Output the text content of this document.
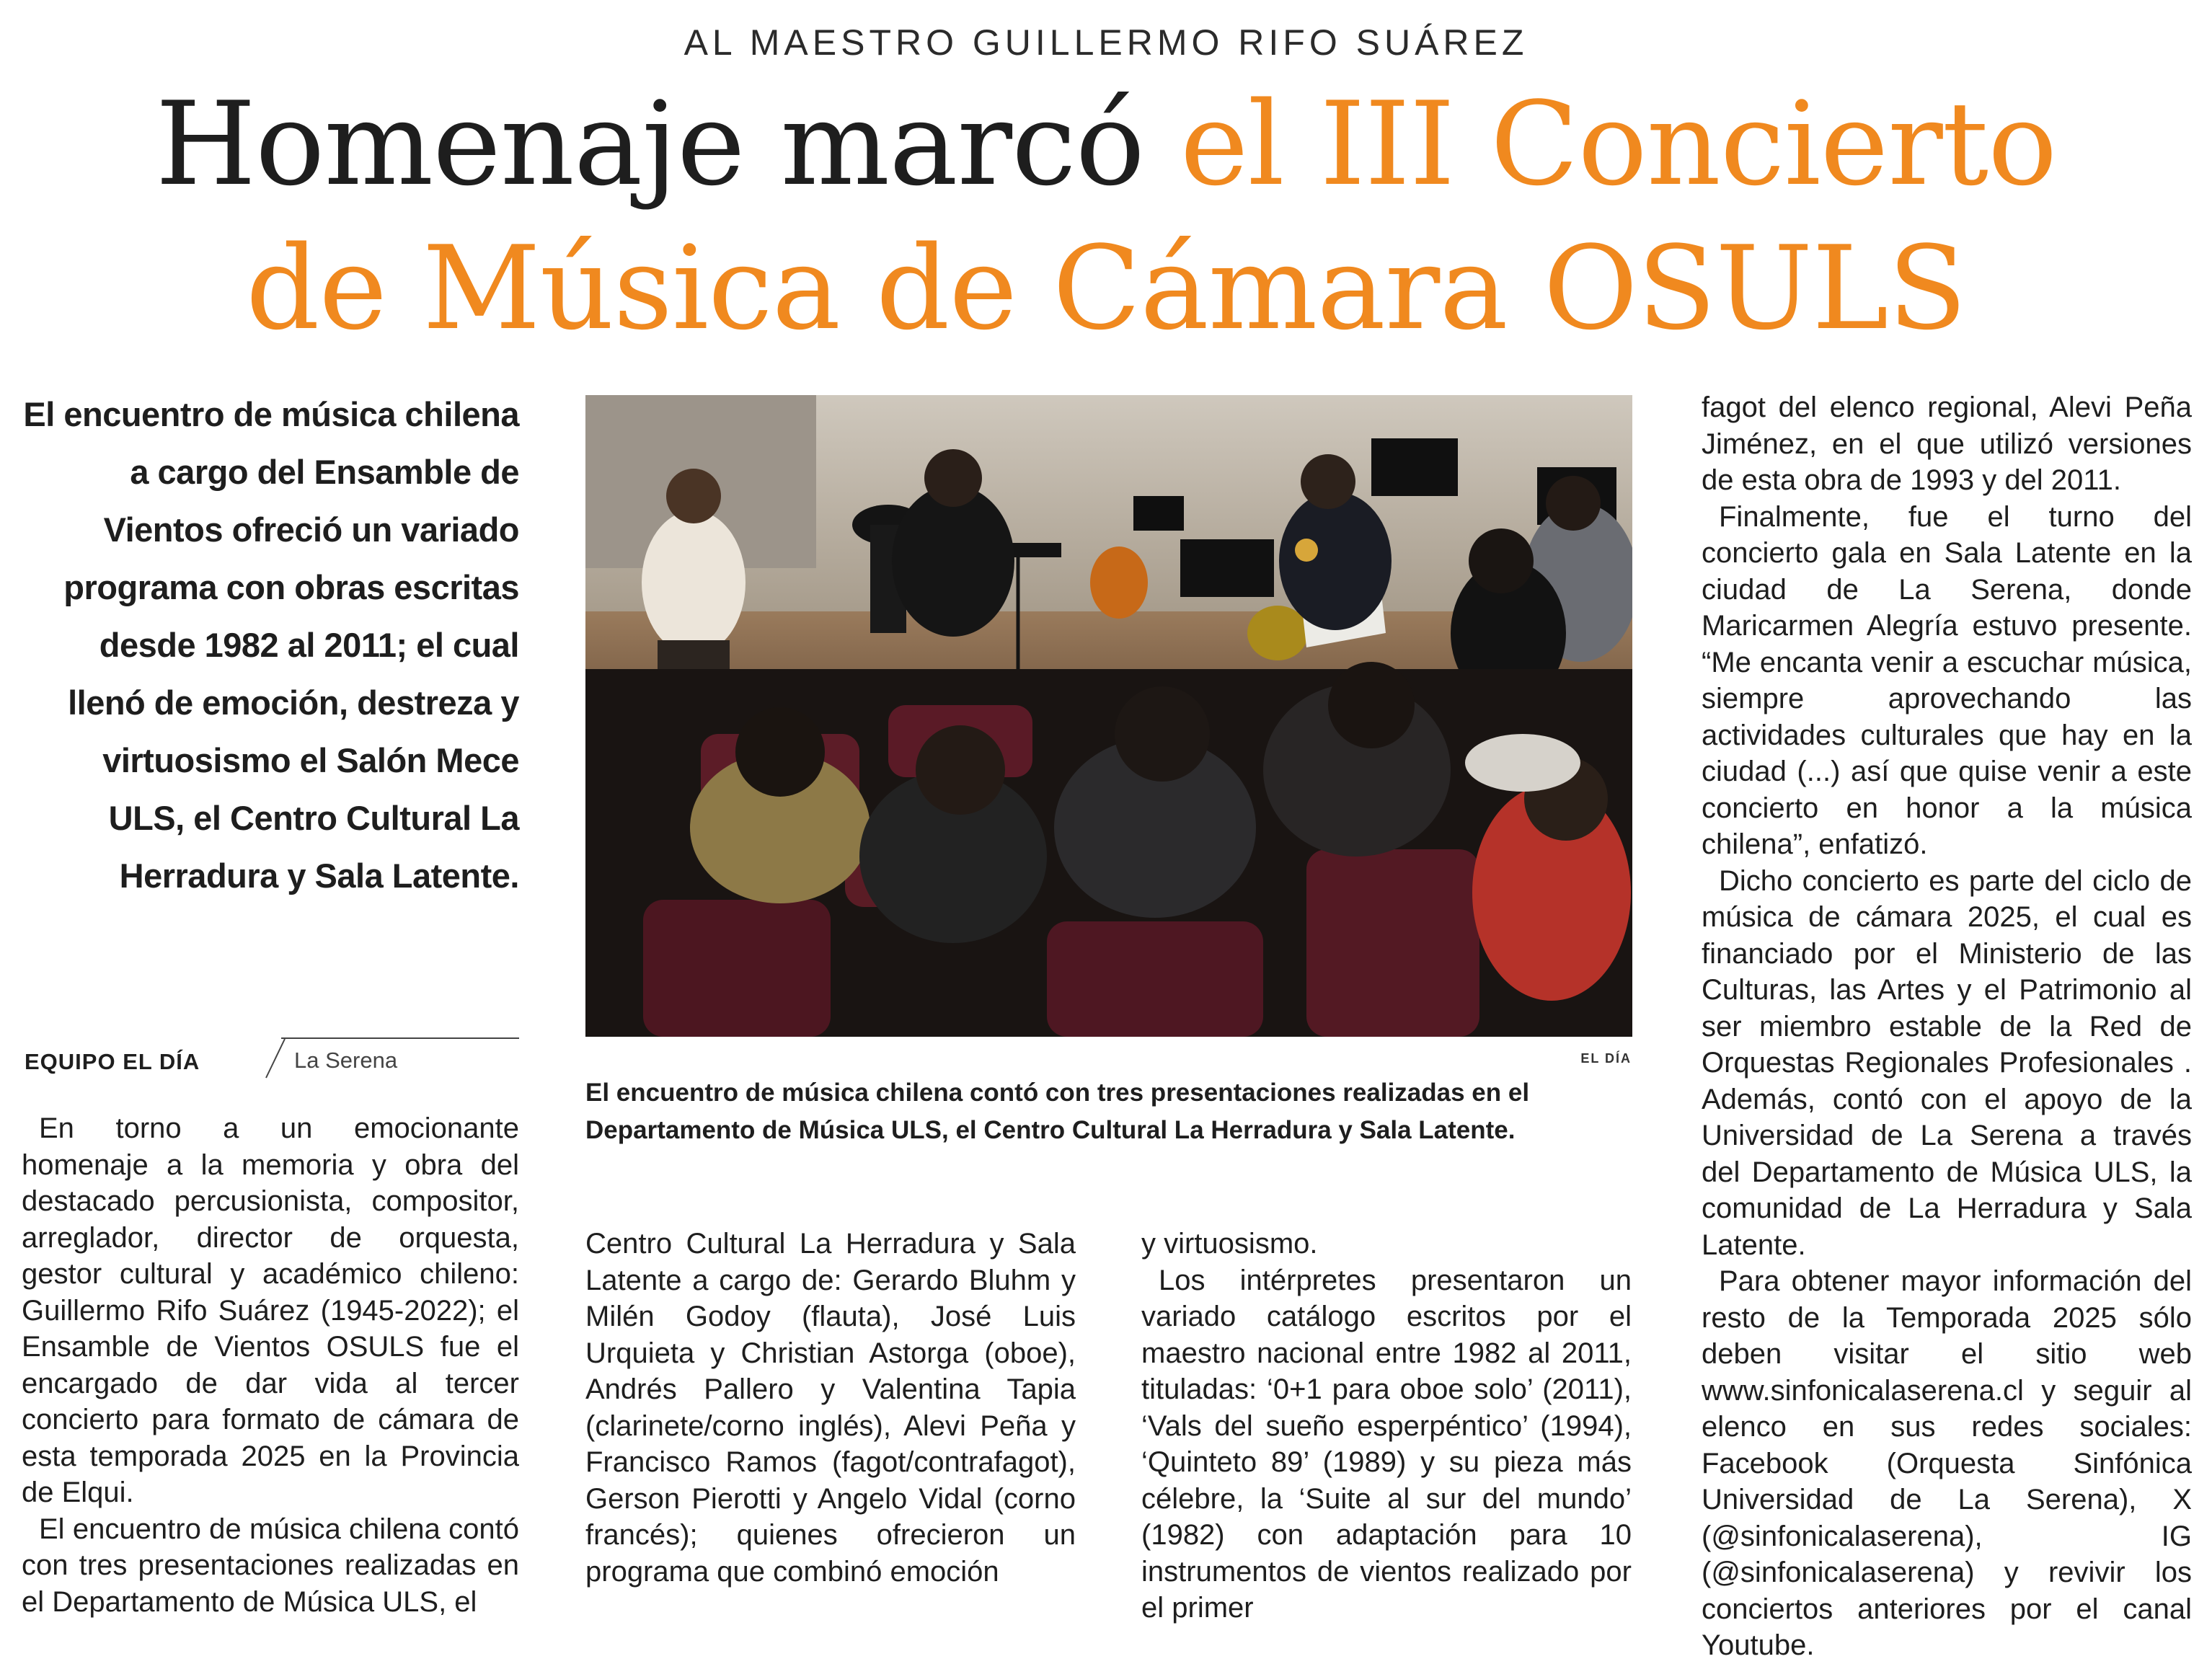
AL MAESTRO GUILLERMO RIFO SUÁREZ
Homenaje marcó el III Concierto
de Música de Cámara OSULS
El encuentro de música chilena a cargo del Ensamble de Vientos ofreció un variado programa con obras escritas desde 1982 al 2011; el cual llenó de emoción, destreza y virtuosismo el Salón Mece ULS, el Centro Cultural La Herradura y Sala Latente.
EQUIPO EL DÍA	La Serena

En torno a un emocionante homenaje a la memoria y obra del destacado percusionista, compositor, arreglador, director de orquesta, gestor cultural y académico chileno: Guillermo Rifo Suárez (1945-2022); el Ensamble de Vientos OSULS fue el encargado de dar vida al tercer concierto para formato de cámara de esta temporada 2025 en la Provincia de Elqui.

El encuentro de música chilena contó con tres presentaciones realizadas en el Departamento de Música ULS, el

EL DÍA
El encuentro de música chilena contó con tres presentaciones realizadas en el Departamento de Música ULS, el Centro Cultural La Herradura y Sala Latente.

Centro Cultural La Herradura y Sala Latente a cargo de: Gerardo Bluhm y Milén Godoy (flauta), José Luis Urquieta y Christian Astorga (oboe), Andrés Pallero y Valentina Tapia (clarinete/corno inglés), Alevi Peña y Francisco Ramos (fagot/contrafagot), Gerson Pierotti y Angelo Vidal (corno francés); quienes ofrecieron un programa que combinó emoción

y virtuosismo.

Los intérpretes presentaron un variado catálogo escritos por el maestro nacional entre 1982 al 2011, tituladas: ‘0+1 para oboe solo’ (2011), ‘Vals del sueño esperpéntico’ (1994), ‘Quinteto 89’ (1989) y su pieza más célebre, la ‘Suite al sur del mundo’ (1982) con adaptación para 10 instrumentos de vientos realizado por el primer

fagot del elenco regional, Alevi Peña Jiménez, en el que utilizó versiones de esta obra de 1993 y del 2011.

Finalmente, fue el turno del concierto gala en Sala Latente en la ciudad de La Serena, donde Maricarmen Alegría estuvo presente. “Me encanta venir a escuchar música, siempre aprovechando las actividades culturales que hay en la ciudad (...) así que quise venir a este concierto en honor a la música chilena”, enfatizó.

Dicho concierto es parte del ciclo de música de cámara 2025, el cual es financiado por el Ministerio de las Culturas, las Artes y el Patrimonio al ser miembro estable de la Red de Orquestas Regionales Profesionales . Además, contó con el apoyo de la Universidad de La Serena a través del Departamento de Música ULS, la comunidad de La Herradura y Sala Latente.

Para obtener mayor información del resto de la Temporada 2025 sólo deben visitar el sitio web www.sinfonicalaserena.cl y seguir al elenco en sus redes sociales: Facebook (Orquesta Sinfónica Universidad de La Serena), X (@sinfonicalaserena), IG (@sinfonicalaserena) y revivir los conciertos anteriores por el canal Youtube.
